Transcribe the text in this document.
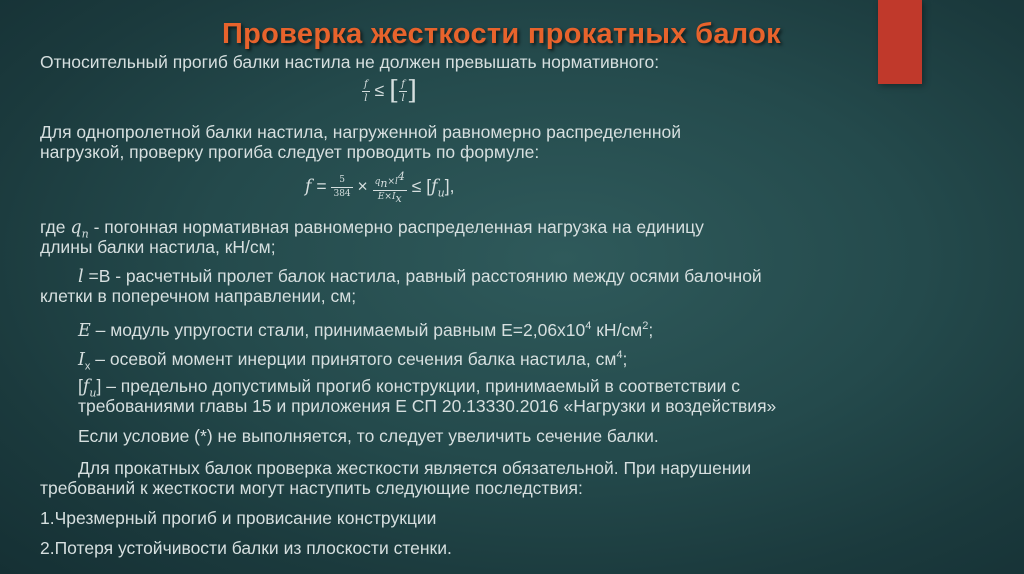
Проверка жесткости прокатных балок
Относительный прогиб балки настила не должен превышать нормативного:
$\frac{f}{l}$ ≤ [ $\frac{f}{l}$ ]
Для однопролетной балки настила, нагруженной равномерно распределенной
нагрузкой, проверку прогиба следует проводить по формуле:
$f = \frac{5}{384} \times \frac{q_n\times l^4}{E\times I_x} \le [f_u]$,
где $q_n$ - погонная нормативная равномерно распределенная нагрузка на единицу
длины балки настила, кН/см;
l =В - расчетный пролет балок настила, равный расстоянию между осями балочной
клетки в поперечном направлении, см;
E – модуль упругости стали, принимаемый равным $Е=2,06х10^4$ $кН/см^2$;
$I_x$ – осевой момент инерции принятого сечения балка настила, $см^4$;
$[f_u]$ – предельно допустимый прогиб конструкции, принимаемый в соответствии с
требованиями главы 15 и приложения Е СП 20.13330.2016 «Нагрузки и воздействия»
Если условие (*) не выполняется, то следует увеличить сечение балки.
Для прокатных балок проверка жесткости является обязательной. При нарушении
требований к жесткости могут наступить следующие последствия:
1.Чрезмерный прогиб и провисание конструкции
2.Потеря устойчивости балки из плоскости стенки.
